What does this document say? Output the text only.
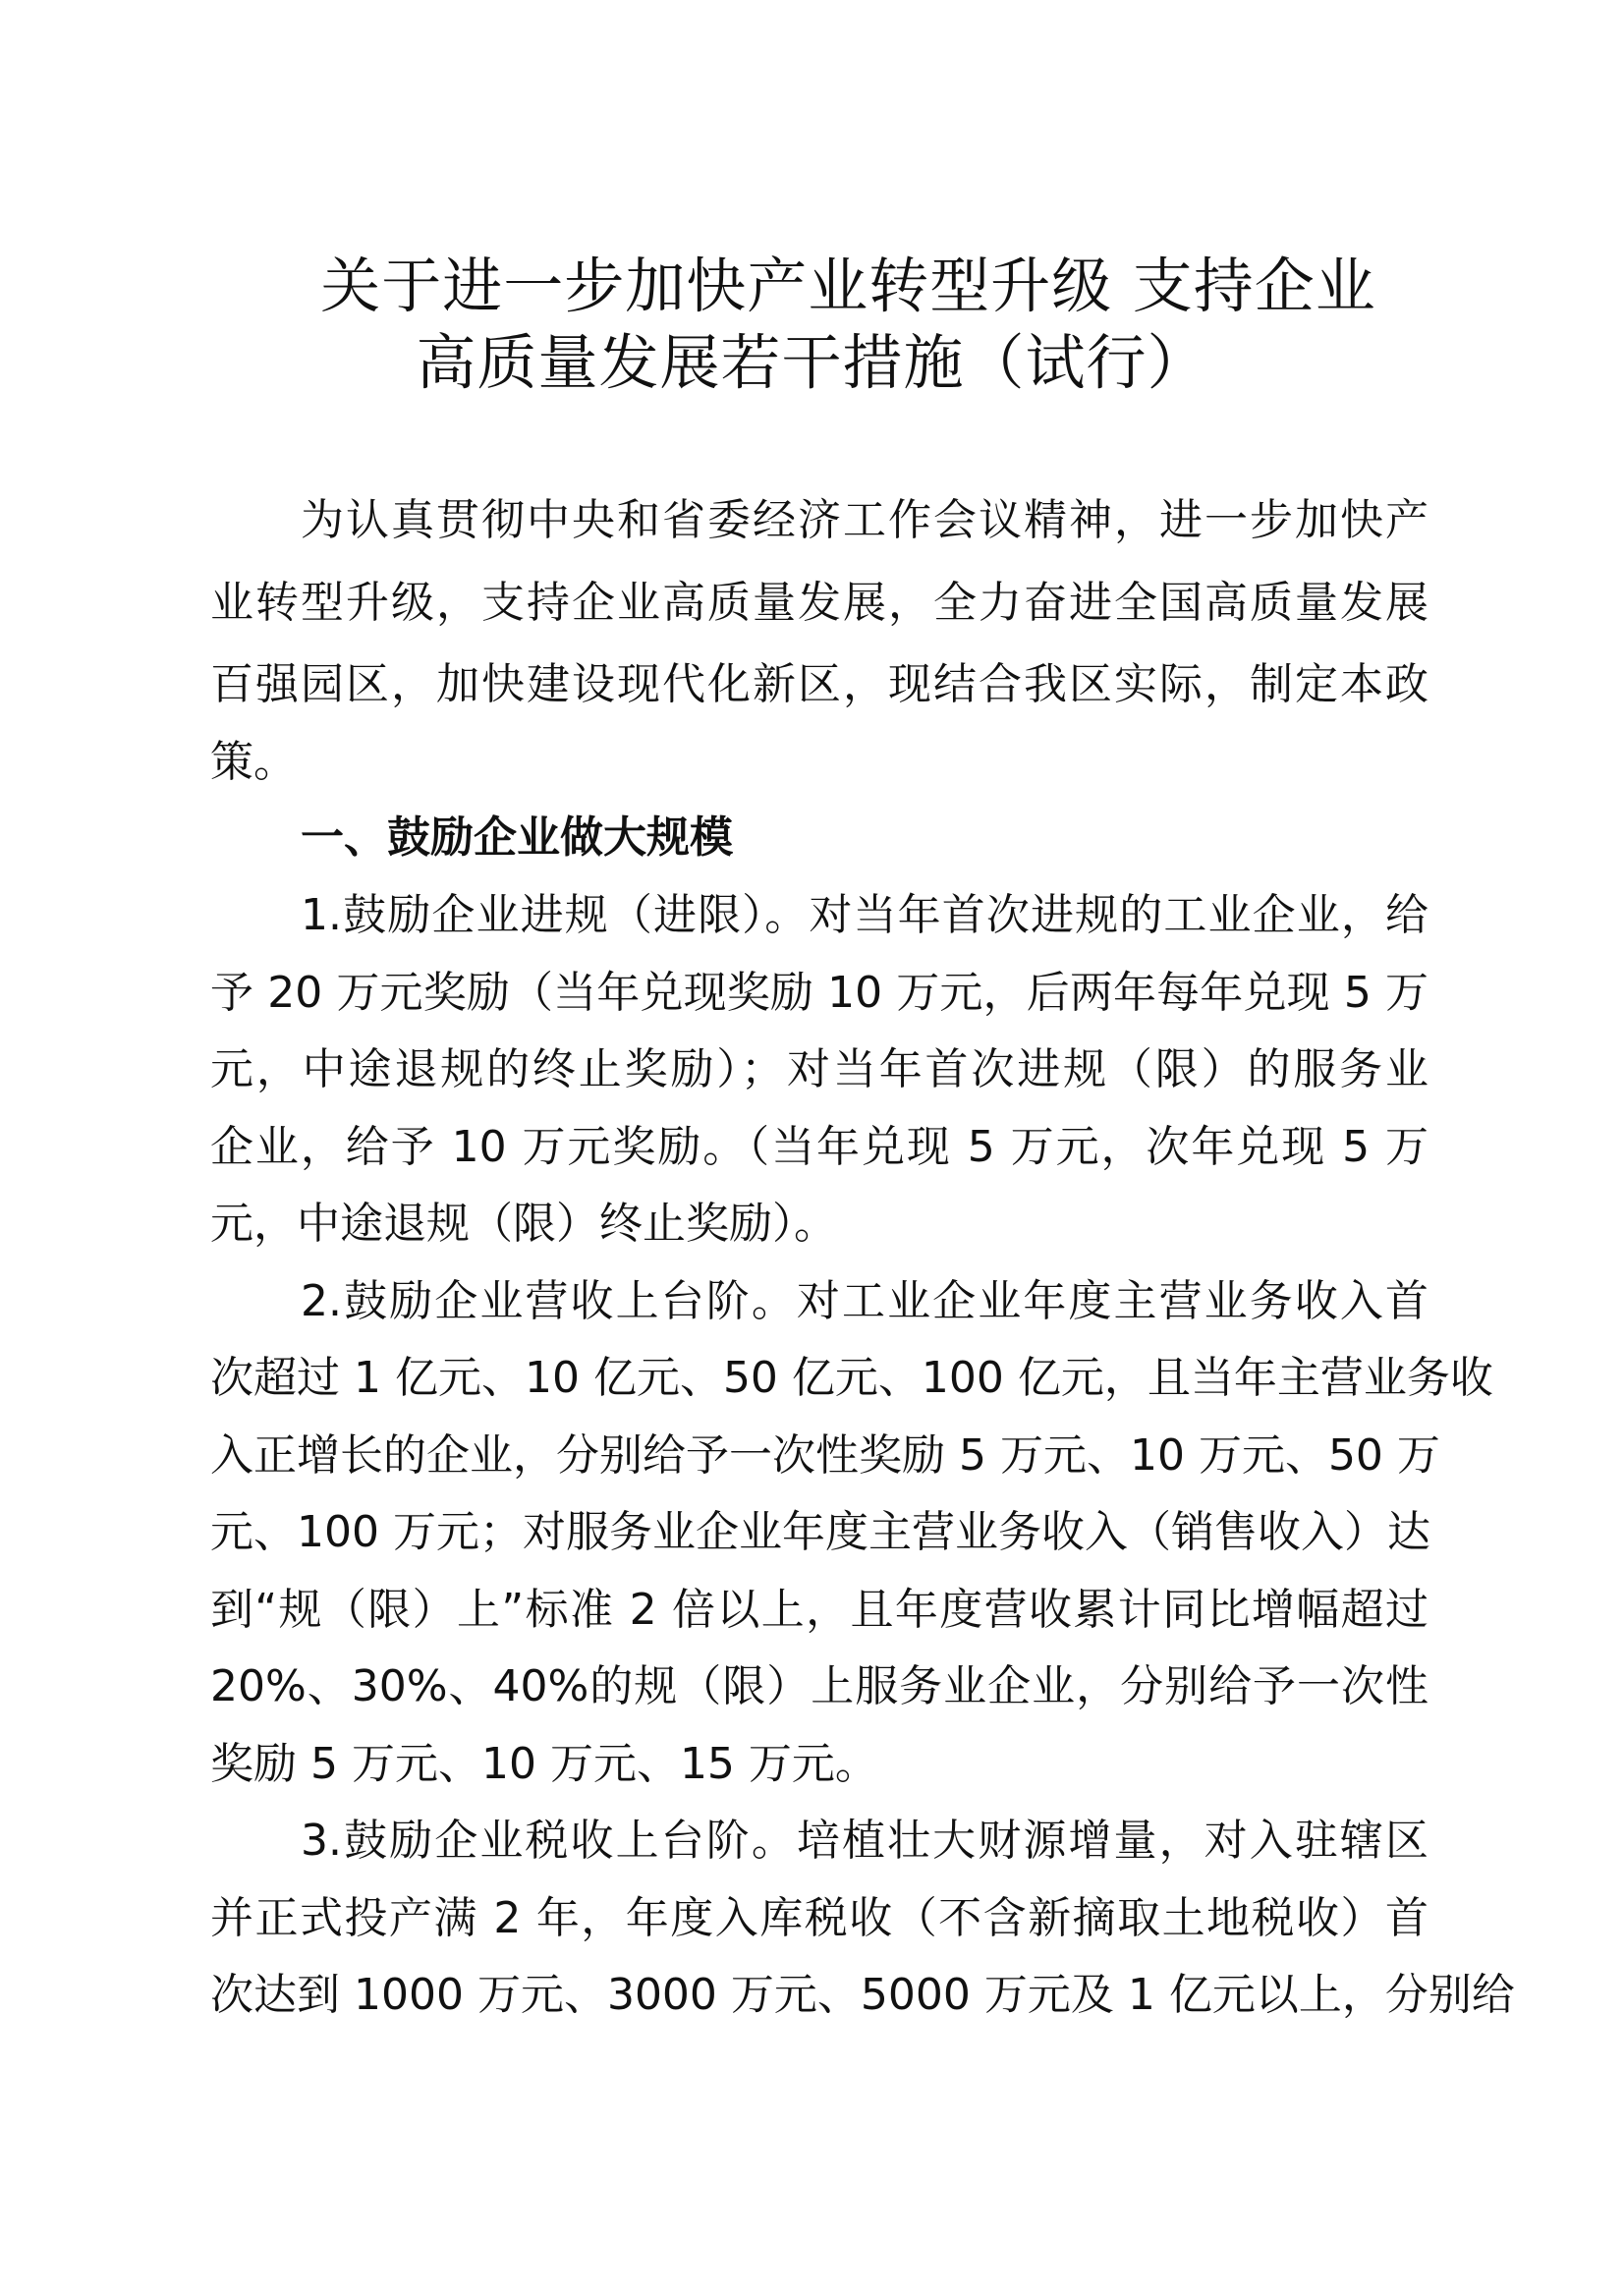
关于进一步加快产业转型升级 支持企业
高质量发展若干措施（试行）
为认真贯彻中央和省委经济工作会议精神，进一步加快产
业转型升级，支持企业高质量发展，全力奋进全国高质量发展
百强园区，加快建设现代化新区，现结合我区实际，制定本政
策。
一、鼓励企业做大规模
1.鼓励企业进规（进限）。对当年首次进规的工业企业，给
予 20 万元奖励（当年兑现奖励 10 万元，后两年每年兑现 5 万
元，中途退规的终止奖励）；对当年首次进规（限）的服务业
企业，给予 10 万元奖励。（当年兑现 5 万元，次年兑现 5 万
元，中途退规（限）终止奖励）。
2.鼓励企业营收上台阶。对工业企业年度主营业务收入首
次超过 1 亿元、10 亿元、50 亿元、100 亿元，且当年主营业务收
入正增长的企业，分别给予一次性奖励 5 万元、10 万元、50 万
元、100 万元；对服务业企业年度主营业务收入（销售收入）达
到“规（限）上”标准 2 倍以上，且年度营收累计同比增幅超过
20%、30%、40%的规（限）上服务业企业，分别给予一次性
奖励 5 万元、10 万元、15 万元。
3.鼓励企业税收上台阶。培植壮大财源增量，对入驻辖区
并正式投产满 2 年，年度入库税收（不含新摘取土地税收）首
次达到 1000 万元、3000 万元、5000 万元及 1 亿元以上，分别给
